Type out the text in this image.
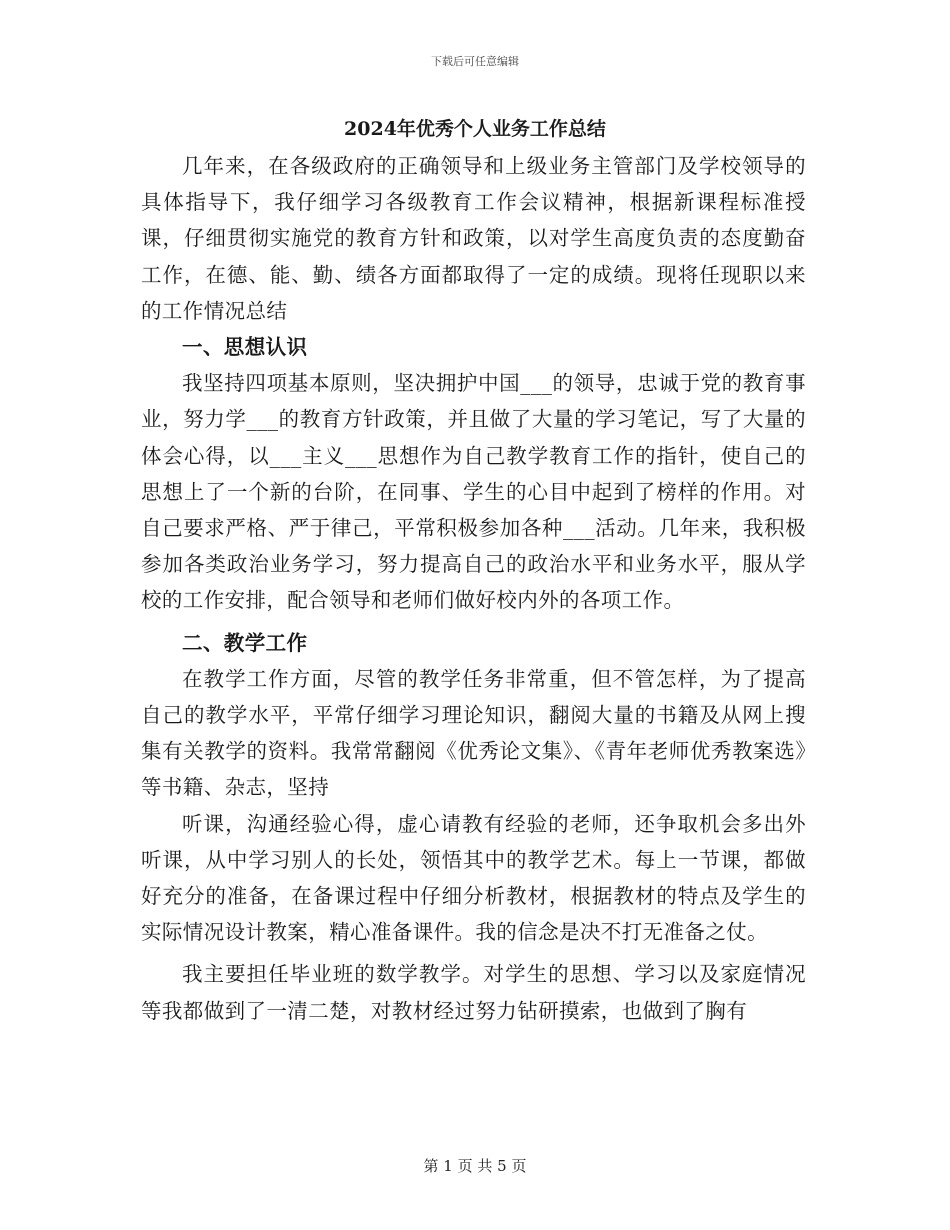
下载后可任意编辑
2024年优秀个人业务工作总结

几年来，在各级政府的正确领导和上级业务主管部门及学校领导的具体指导下，我仔细学习各级教育工作会议精神，根据新课程标准授课，仔细贯彻实施党的教育方针和政策，以对学生高度负责的态度勤奋工作，在德、能、勤、绩各方面都取得了一定的成绩。现将任现职以来的工作情况总结

一、思想认识

我坚持四项基本原则，坚决拥护中国___的领导，忠诚于党的教育事业，努力学___的教育方针政策，并且做了大量的学习笔记，写了大量的体会心得，以___主义___思想作为自己教学教育工作的指针，使自己的思想上了一个新的台阶，在同事、学生的心目中起到了榜样的作用。对自己要求严格、严于律己，平常积极参加各种___活动。几年来，我积极参加各类政治业务学习，努力提高自己的政治水平和业务水平，服从学校的工作安排，配合领导和老师们做好校内外的各项工作。

二、教学工作

在教学工作方面，尽管的教学任务非常重，但不管怎样，为了提高自己的教学水平，平常仔细学习理论知识，翻阅大量的书籍及从网上搜集有关教学的资料。我常常翻阅《优秀论文集》、《青年老师优秀教案选》等书籍、杂志，坚持

听课，沟通经验心得，虚心请教有经验的老师，还争取机会多出外听课，从中学习别人的长处，领悟其中的教学艺术。每上一节课，都做好充分的准备，在备课过程中仔细分析教材，根据教材的特点及学生的实际情况设计教案，精心准备课件。我的信念是决不打无准备之仗。

我主要担任毕业班的数学教学。对学生的思想、学习以及家庭情况等我都做到了一清二楚，对教材经过努力钻研摸索，也做到了胸有

第 1 页 共 5 页
